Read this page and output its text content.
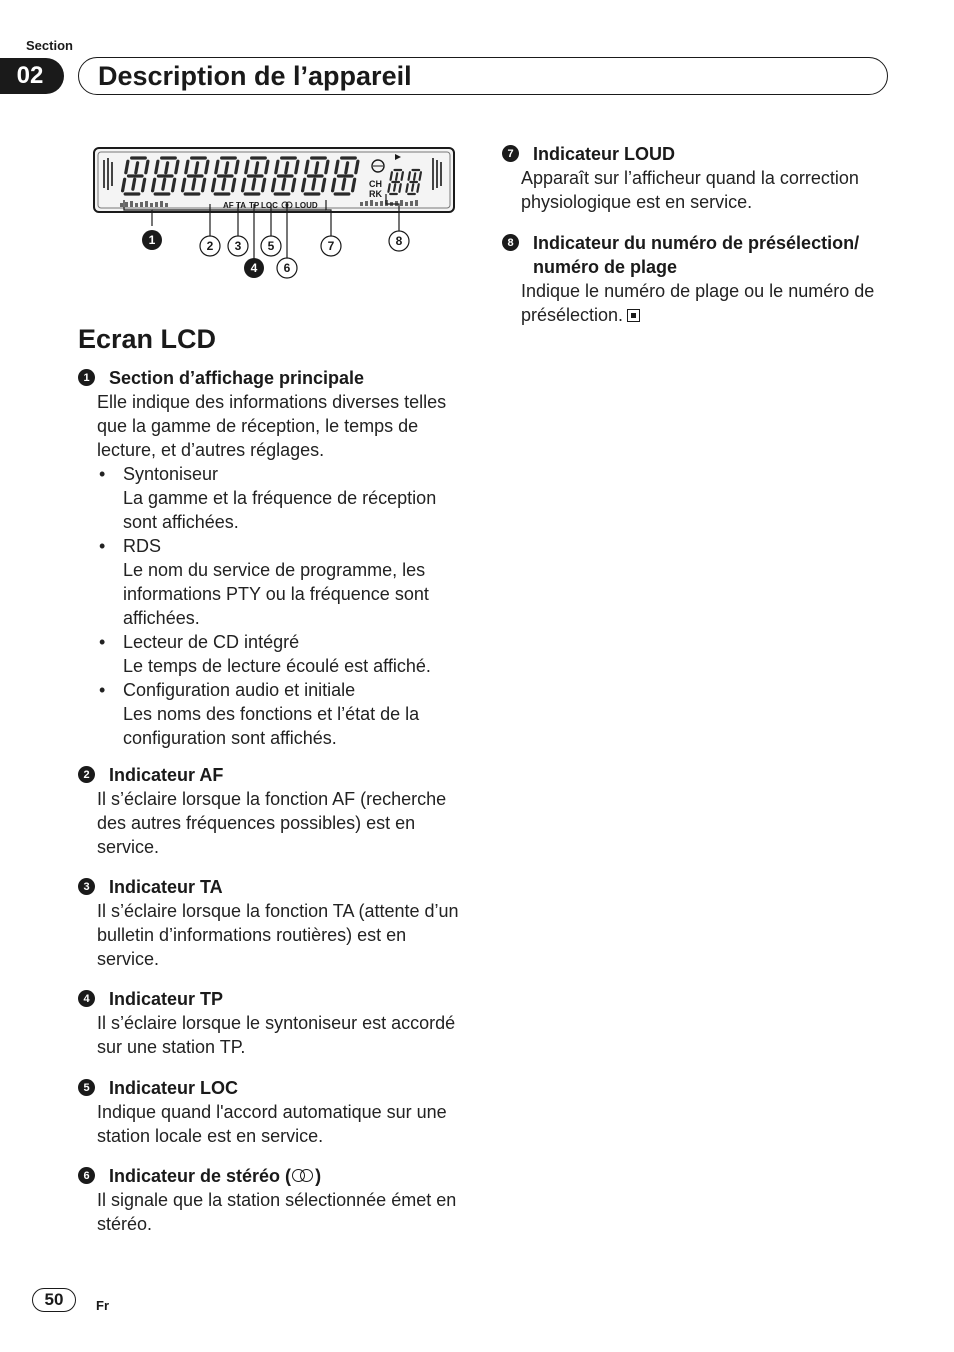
Section
02	Description de l’appareil
CH
RK
AF TA TP LOC LOUD
1	2 3
4
5
6
7	8
Ecran LCD
1	Section d’affichage principale
Elle indique des informations diverses telles que la gamme de réception, le temps de lecture, et d’autres réglages.
• Syntoniseur
La gamme et la fréquence de réception sont affichées.
• RDS
Le nom du service de programme, les informations PTY ou la fréquence sont affichées.
• Lecteur de CD intégré
Le temps de lecture écoulé est affiché.
• Configuration audio et initiale
Les noms des fonctions et l’état de la configuration sont affichés.
2	Indicateur AF
Il s’éclaire lorsque la fonction AF (recherche des autres fréquences possibles) est en service.
3	Indicateur TA
Il s’éclaire lorsque la fonction TA (attente d’un bulletin d’informations routières) est en service.
4	Indicateur TP
Il s’éclaire lorsque le syntoniseur est accordé sur une station TP.
5	Indicateur LOC
Indique quand l'accord automatique sur une station locale est en service.
6	Indicateur de stéréo ( )
Il signale que la station sélectionnée émet en stéréo.
7	Indicateur LOUD
Apparaît sur l’afficheur quand la correction physiologique est en service.
8	Indicateur du numéro de présélection/ numéro de plage
Indique le numéro de plage ou le numéro de présélection.
50	Fr
